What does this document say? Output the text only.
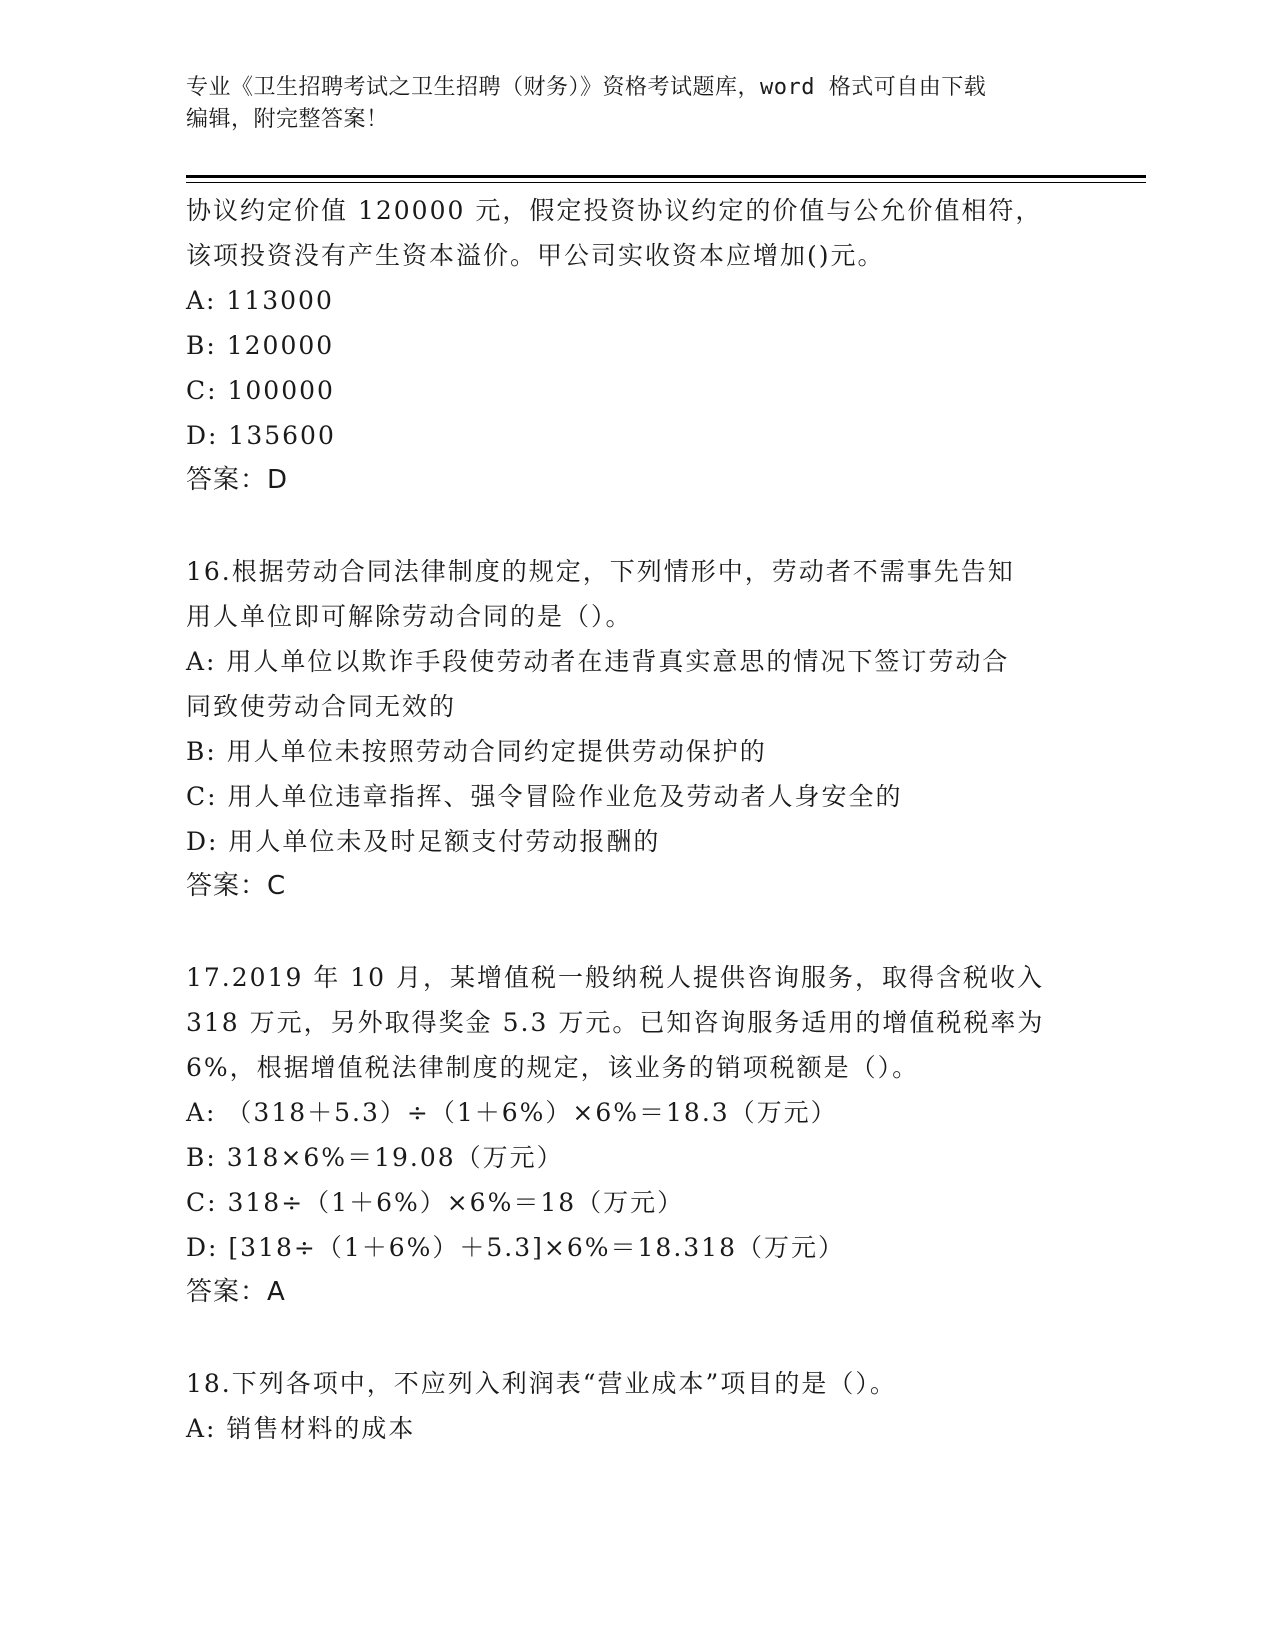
专业《卫生招聘考试之卫生招聘（财务）》资格考试题库，word 格式可自由下载
编辑，附完整答案！
协议约定价值 120000 元，假定投资协议约定的价值与公允价值相符，
该项投资没有产生资本溢价。甲公司实收资本应增加()元。
A: 113000
B: 120000
C: 100000
D: 135600
答案：D
16.根据劳动合同法律制度的规定，下列情形中，劳动者不需事先告知
用人单位即可解除劳动合同的是（）。
A: 用人单位以欺诈手段使劳动者在违背真实意思的情况下签订劳动合
同致使劳动合同无效的
B: 用人单位未按照劳动合同约定提供劳动保护的
C: 用人单位违章指挥、强令冒险作业危及劳动者人身安全的
D: 用人单位未及时足额支付劳动报酬的
答案：C
17.2019 年 10 月，某增值税一般纳税人提供咨询服务，取得含税收入
318 万元，另外取得奖金 5.3 万元。已知咨询服务适用的增值税税率为
6%，根据增值税法律制度的规定，该业务的销项税额是（）。
A: （318＋5.3）÷（1＋6%）×6%＝18.3（万元）
B: 318×6%＝19.08（万元）
C: 318÷（1＋6%）×6%＝18（万元）
D: [318÷（1＋6%）＋5.3]×6%＝18.318（万元）
答案：A
18.下列各项中，不应列入利润表“营业成本”项目的是（）。
A: 销售材料的成本
